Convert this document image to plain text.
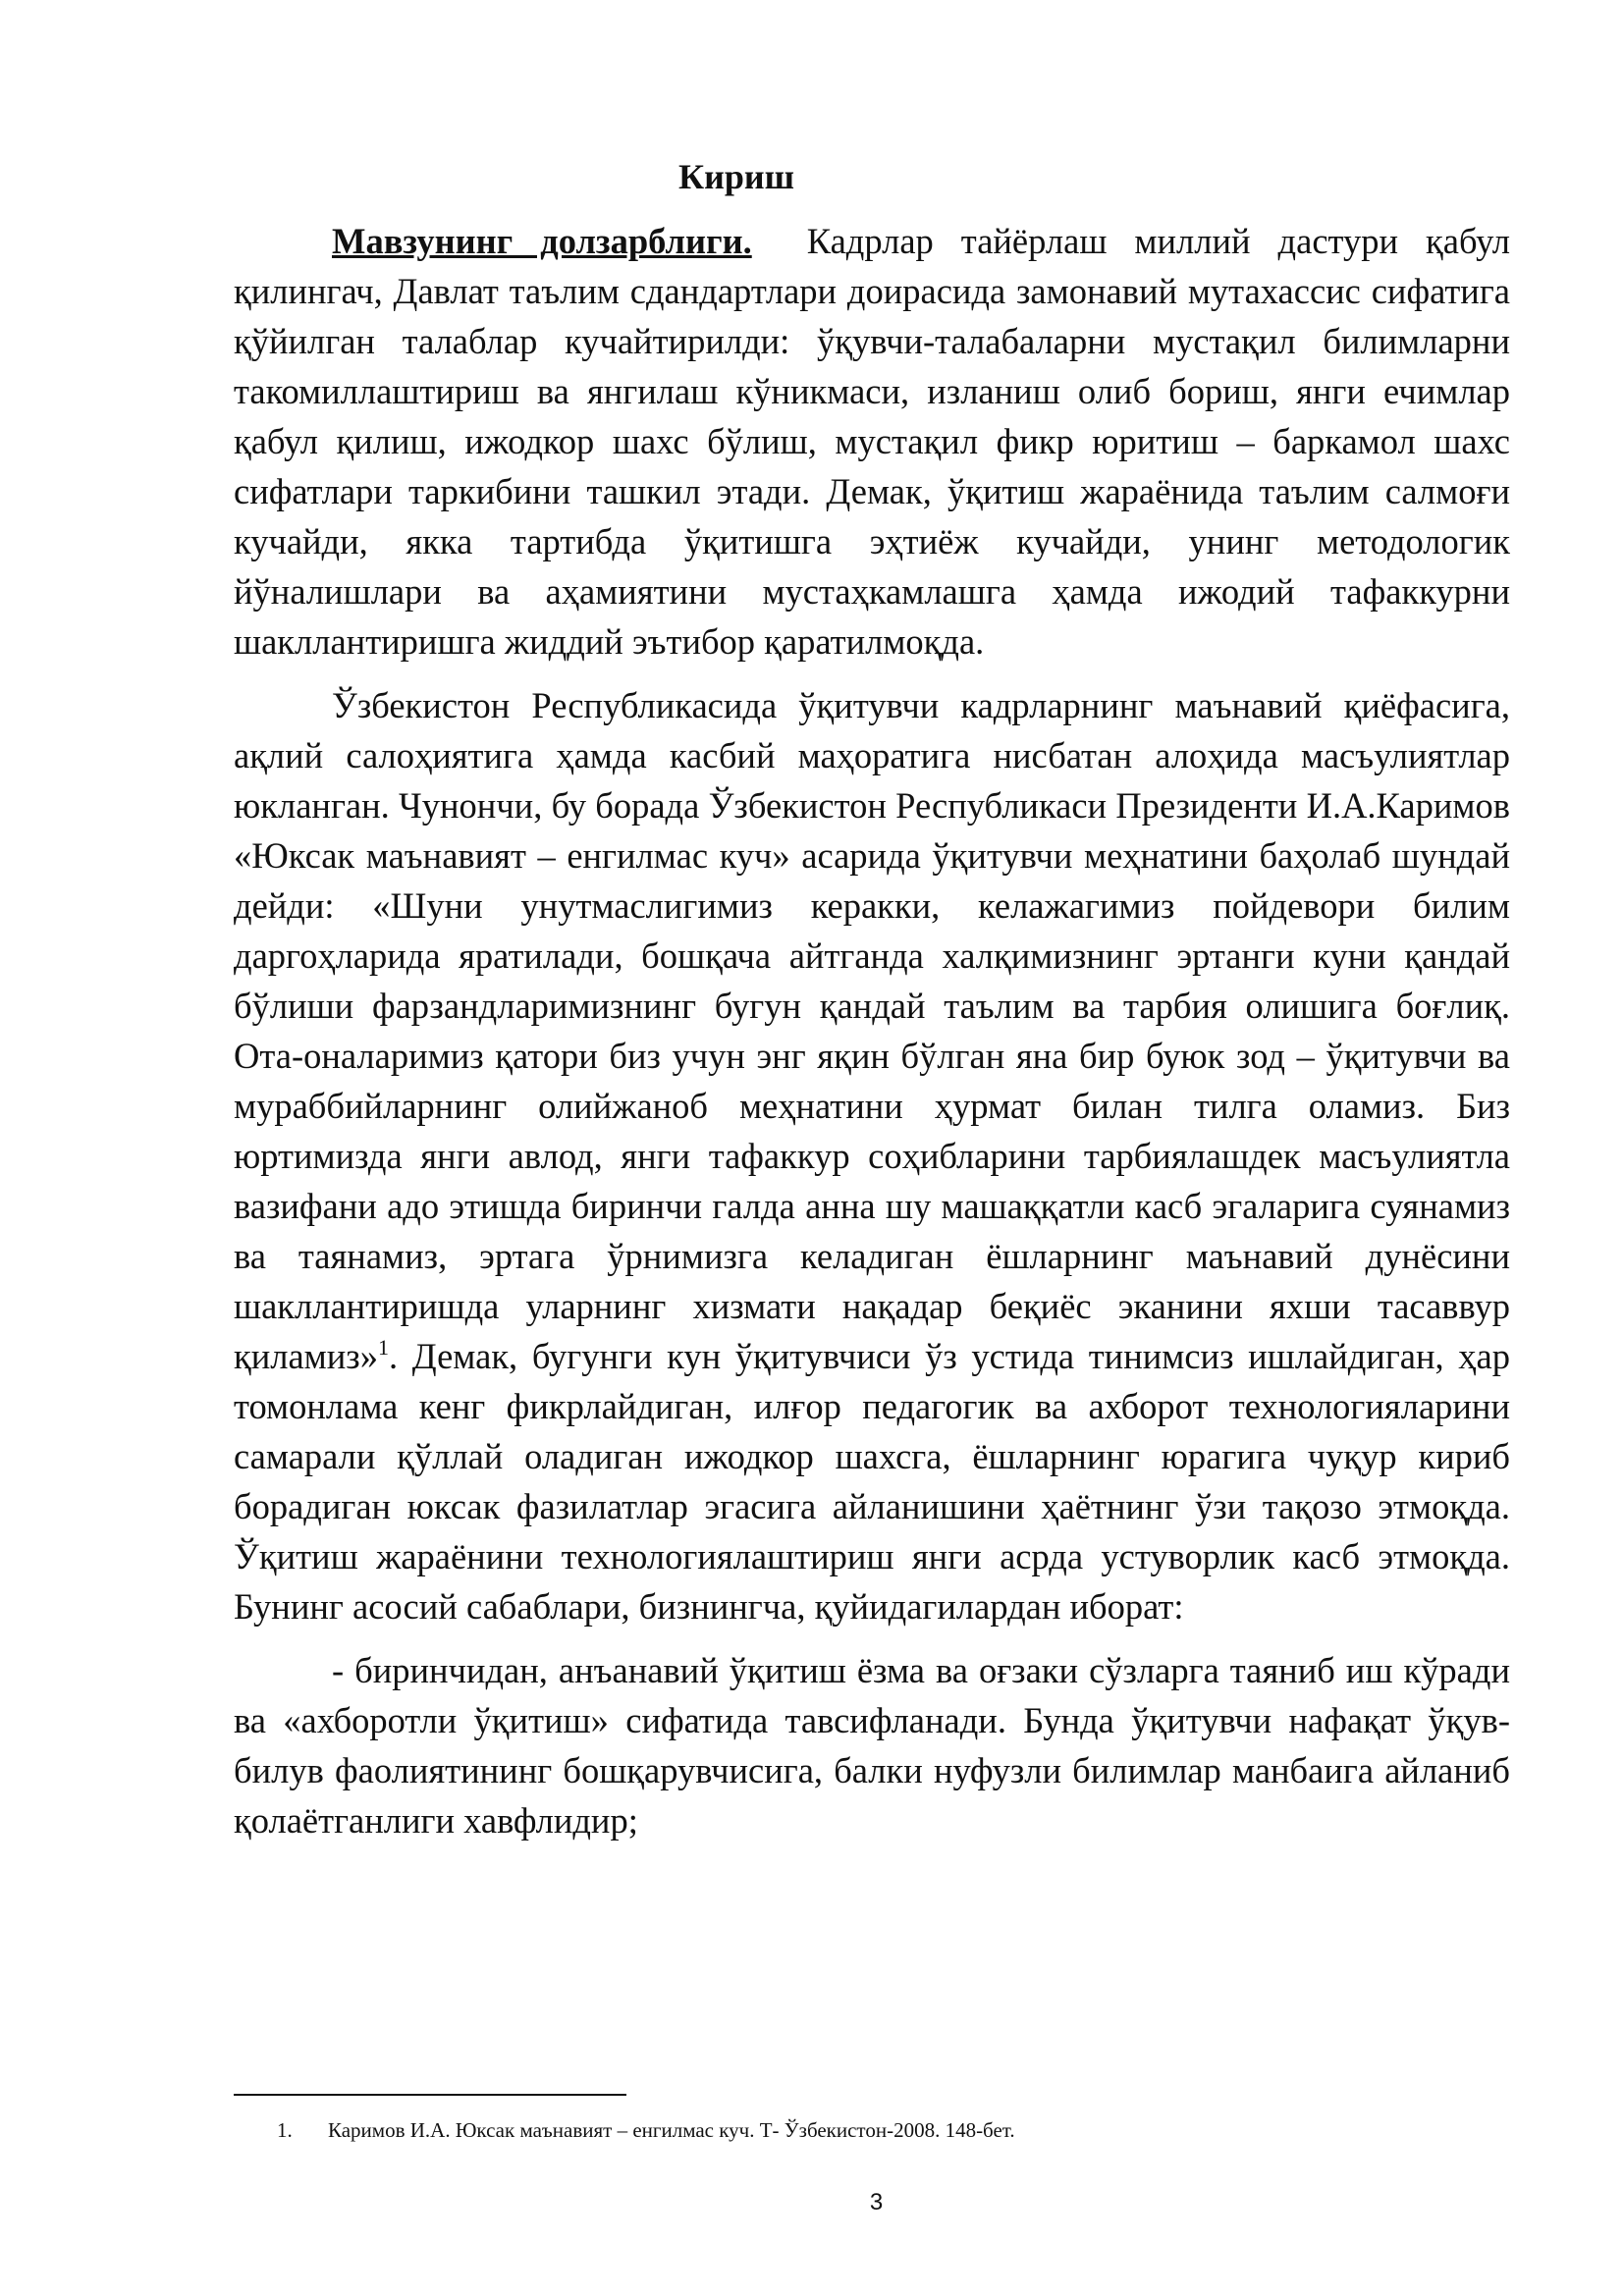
Кириш

Мавзунинг долзарблиги. Кадрлар тайёрлаш миллий дастури қабул қилингач, Давлат таълим сдандартлари доирасида замонавий мутахассис сифатига қўйилган талаблар кучайтирилди: ўқувчи-талабаларни мустақил билимларни такомиллаштириш ва янгилаш кўникмаси, изланиш олиб бориш, янги ечимлар қабул қилиш, ижодкор шахс бўлиш, мустақил фикр юритиш – баркамол шахс сифатлари таркибини ташкил этади. Демак, ўқитиш жараёнида таълим салмоғи кучайди, якка тартибда ўқитишга эҳтиёж кучайди, унинг методологик йўналишлари ва аҳамиятини мустаҳкамлашга ҳамда ижодий тафаккурни шакллантиришга жиддий эътибор қаратилмоқда.

Ўзбекистон Республикасида ўқитувчи кадрларнинг маънавий қиёфасига, ақлий салоҳиятига ҳамда касбий маҳоратига нисбатан алоҳида масъулиятлар юкланган. Чунончи, бу борада Ўзбекистон Республикаси Президенти И.А.Каримов «Юксак маънавият – енгилмас куч» асарида ўқитувчи меҳнатини баҳолаб шундай дейди: «Шуни унутмаслигимиз керакки, келажагимиз пойдевори билим даргоҳларида яратилади, бошқача айтганда халқимизнинг эртанги куни қандай бўлиши фарзандларимизнинг бугун қандай таълим ва тарбия олишига боғлиқ. Ота-оналаримиз қатори биз учун энг яқин бўлган яна бир буюк зод – ўқитувчи ва мураббийларнинг олийжаноб меҳнатини ҳурмат билан тилга оламиз. Биз юртимизда янги авлод, янги тафаккур соҳибларини тарбиялашдек масъулиятла вазифани адо этишда биринчи галда анна шу машаққатли касб эгаларига суянамиз ва таянамиз, эртага ўрнимизга келадиган ёшларнинг маънавий дунёсини шакллантиришда уларнинг хизмати нақадар беқиёс эканини яхши тасаввур қиламиз»$^1$. Демак, бугунги кун ўқитувчиси ўз устида тинимсиз ишлайдиган, ҳар томонлама кенг фикрлайдиган, илғор педагогик ва ахборот технологияларини самарали қўллай оладиган ижодкор шахсга, ёшларнинг юрагига чуқур кириб борадиган юксак фазилатлар эгасига айланишини ҳаётнинг ўзи тақозо этмоқда. Ўқитиш жараёнини технологиялаштириш янги асрда устуворлик касб этмоқда. Бунинг асосий сабаблари, бизнингча, қуйидагилардан иборат:

- биринчидан, анъанавий ўқитиш ёзма ва оғзаки сўзларга таяниб иш кўради ва «ахборотли ўқитиш» сифатида тавсифланади. Бунда ўқитувчи нафақат ўқув-билув фаолиятининг бошқарувчисига, балки нуфузли билимлар манбаига айланиб қолаётганлиги хавфлидир;

1. Каримов И.А. Юксак маънавият – енгилмас куч. Т- Ўзбекистон-2008. 148-бет.
3
